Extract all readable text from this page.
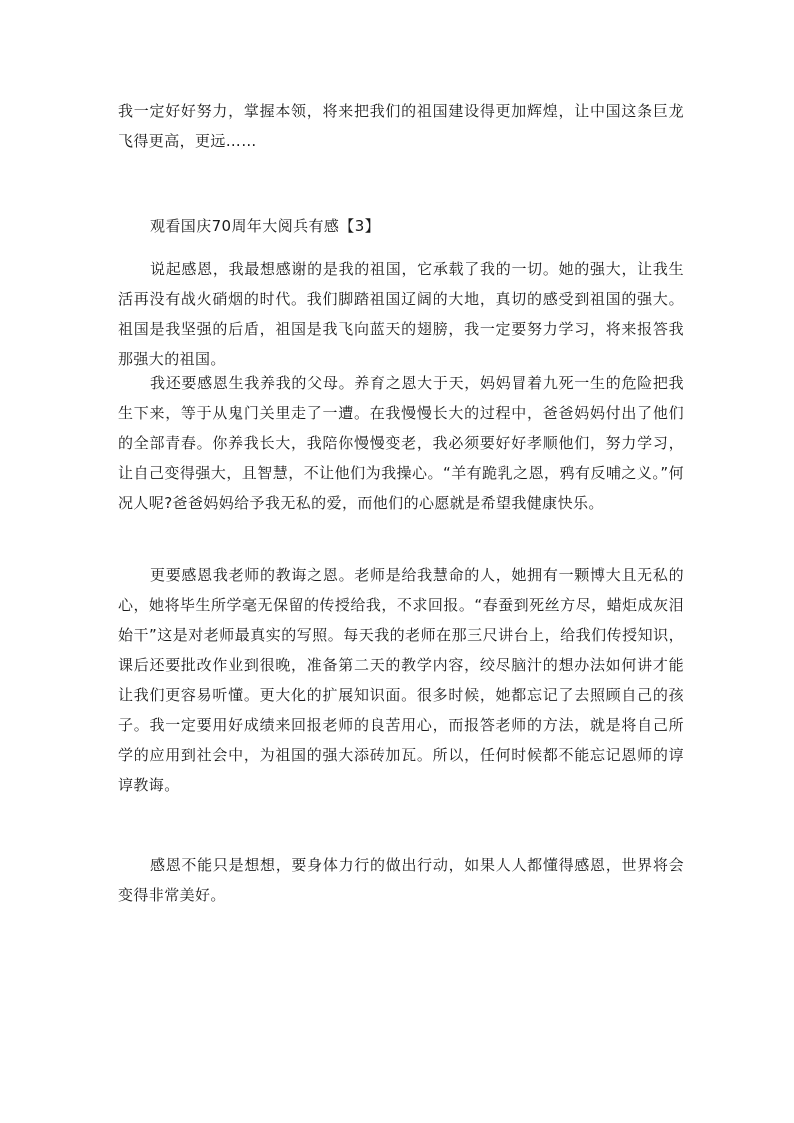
我一定好好努力，掌握本领，将来把我们的祖国建设得更加辉煌，让中国这条巨龙飞得更高，更远……

观看国庆70周年大阅兵有感【3】

说起感恩，我最想感谢的是我的祖国，它承载了我的一切。她的强大，让我生活再没有战火硝烟的时代。我们脚踏祖国辽阔的大地，真切的感受到祖国的强大。祖国是我坚强的后盾，祖国是我飞向蓝天的翅膀，我一定要努力学习，将来报答我那强大的祖国。

我还要感恩生我养我的父母。养育之恩大于天，妈妈冒着九死一生的危险把我生下来，等于从鬼门关里走了一遭。在我慢慢长大的过程中，爸爸妈妈付出了他们的全部青春。你养我长大，我陪你慢慢变老，我必须要好好孝顺他们，努力学习，让自己变得强大，且智慧，不让他们为我操心。“羊有跪乳之恩，鸦有反哺之义。”何况人呢?爸爸妈妈给予我无私的爱，而他们的心愿就是希望我健康快乐。

更要感恩我老师的教诲之恩。老师是给我慧命的人，她拥有一颗博大且无私的心，她将毕生所学毫无保留的传授给我，不求回报。“春蚕到死丝方尽，蜡炬成灰泪始干”这是对老师最真实的写照。每天我的老师在那三尺讲台上，给我们传授知识，课后还要批改作业到很晚，准备第二天的教学内容，绞尽脑汁的想办法如何讲才能让我们更容易听懂。更大化的扩展知识面。很多时候，她都忘记了去照顾自己的孩子。我一定要用好成绩来回报老师的良苦用心，而报答老师的方法，就是将自己所学的应用到社会中，为祖国的强大添砖加瓦。所以，任何时候都不能忘记恩师的谆谆教诲。

感恩不能只是想想，要身体力行的做出行动，如果人人都懂得感恩，世界将会变得非常美好。
